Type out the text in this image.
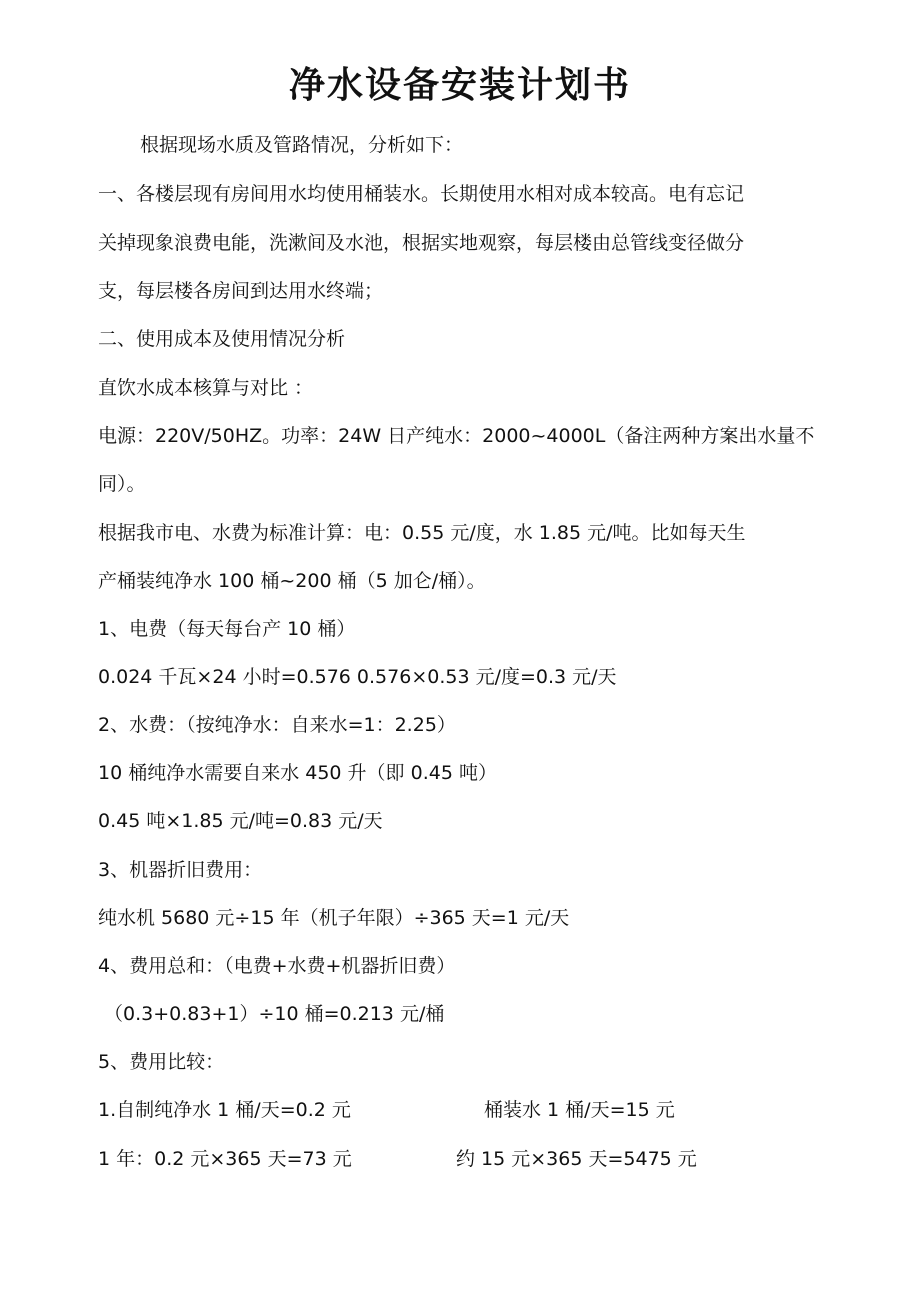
净水设备安装计划书
根据现场水质及管路情况，分析如下：
一、各楼层现有房间用水均使用桶装水。长期使用水相对成本较高。电有忘记
关掉现象浪费电能，洗漱间及水池，根据实地观察，每层楼由总管线变径做分
支，每层楼各房间到达用水终端；
二、使用成本及使用情况分析
直饮水成本核算与对比 ：
电源：220V/50HZ。功率：24W 日产纯水：2000~4000L（备注两种方案出水量不
同）。
根据我市电、水费为标准计算：电：0.55 元/度，水 1.85 元/吨。比如每天生
产桶装纯净水 100 桶~200 桶（5 加仑/桶）。
1、电费（每天每台产 10 桶）
0.024 千瓦×24 小时=0.576 0.576×0.53 元/度=0.3 元/天
2、水费：（按纯净水：自来水=1：2.25）
10 桶纯净水需要自来水 450 升（即 0.45 吨）
0.45 吨×1.85 元/吨=0.83 元/天
3、机器折旧费用：
纯水机 5680 元÷15 年（机子年限）÷365 天=1 元/天
4、费用总和：（电费+水费+机器折旧费）
（0.3+0.83+1）÷10 桶=0.213 元/桶
5、费用比较：
1.自制纯净水 1 桶/天=0.2 元	桶装水 1 桶/天=15 元
1 年：0.2 元×365 天=73 元	约 15 元×365 天=5475 元
